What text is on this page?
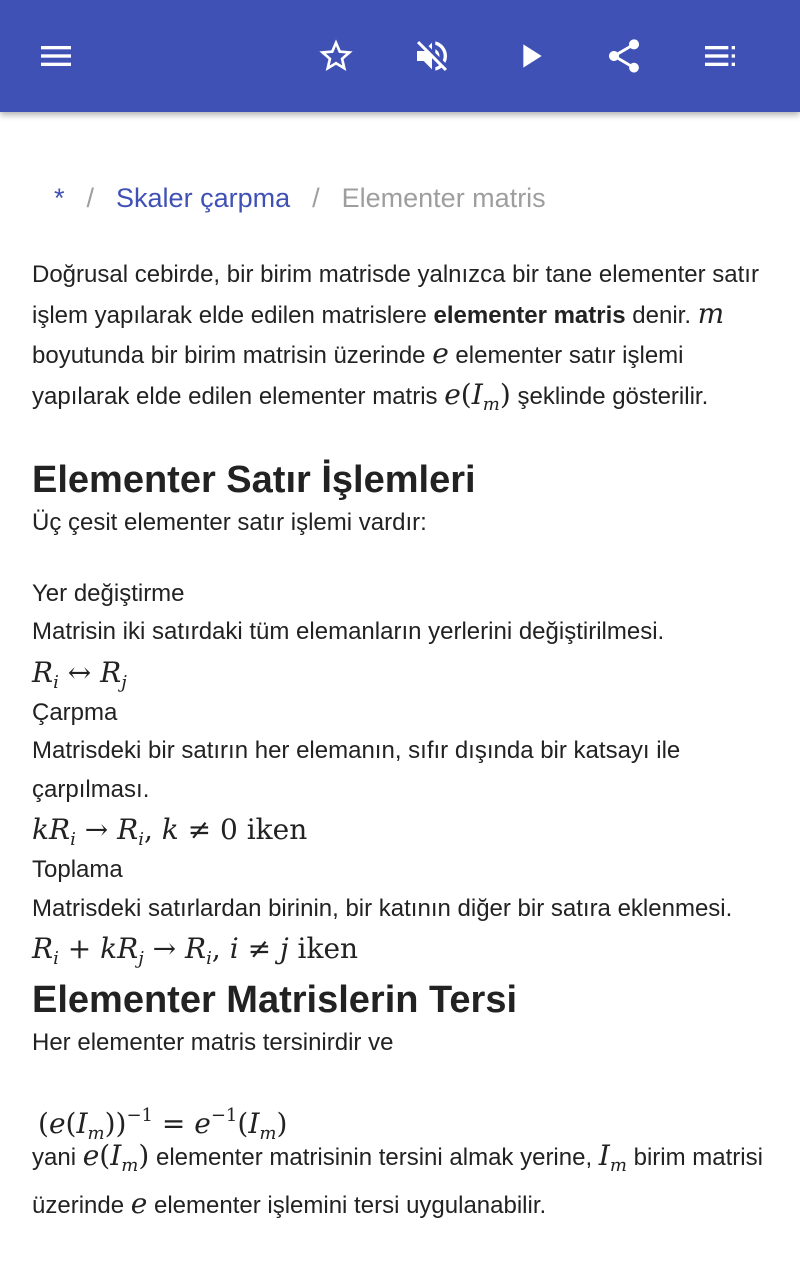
* / Skaler çarpma / Elementer matris

Doğrusal cebirde, bir birim matrisde yalnızca bir tane elementer satır işlem yapılarak elde edilen matrislere elementer matris denir. m boyutunda bir birim matrisin üzerinde e elementer satır işlemi yapılarak elde edilen elementer matris $e(I_m)$ şeklinde gösterilir.

Elementer Satır İşlemleri

Üç çesit elementer satır işlemi vardır:

Yer değiştirme

Matrisin iki satırdaki tüm elemanların yerlerini değiştirilmesi.

$R_i$ ↔ $R_j$

Çarpma

Matrisdeki bir satırın her elemanın, sıfır dışında bir katsayı ile çarpılması.

$kR_i \to R_i$, k ≠ 0 iken

Toplama

Matrisdeki satırlardan birinin, bir katının diğer bir satıra eklenmesi.

$R_i + kR_j \to R_i$, i ≠ j iken

Elementer Matrislerin Tersi

Her elementer matris tersinirdir ve

$(e(I_m))^{-1} = e^{-1}(I_m)$

yani $e(I_m)$ elementer matrisinin tersini almak yerine, $I_m$ birim matrisi üzerinde e elementer işlemini tersi uygulanabilir.
